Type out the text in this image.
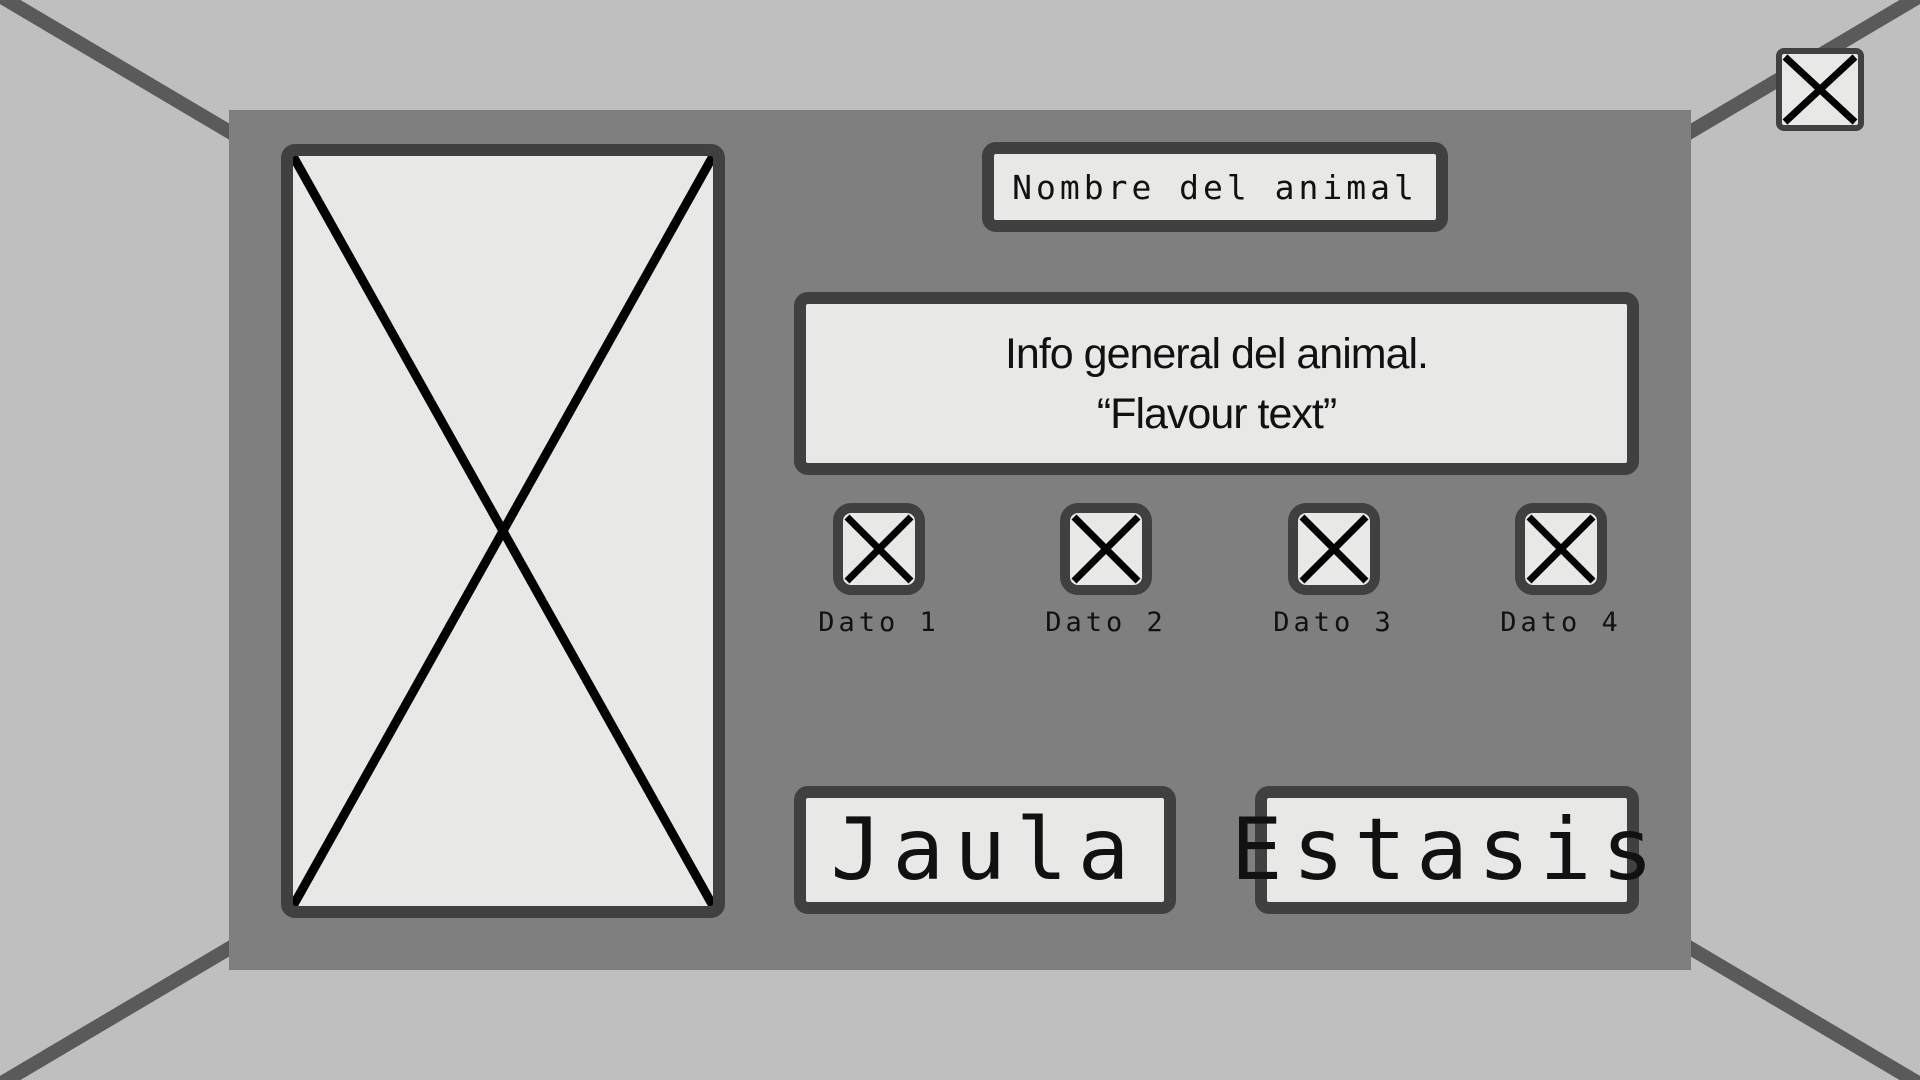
Nombre del animal
Info general del animal.
“Flavour text”
Dato 1	Dato 2	Dato 3	Dato 4
Jaula	Estasis
